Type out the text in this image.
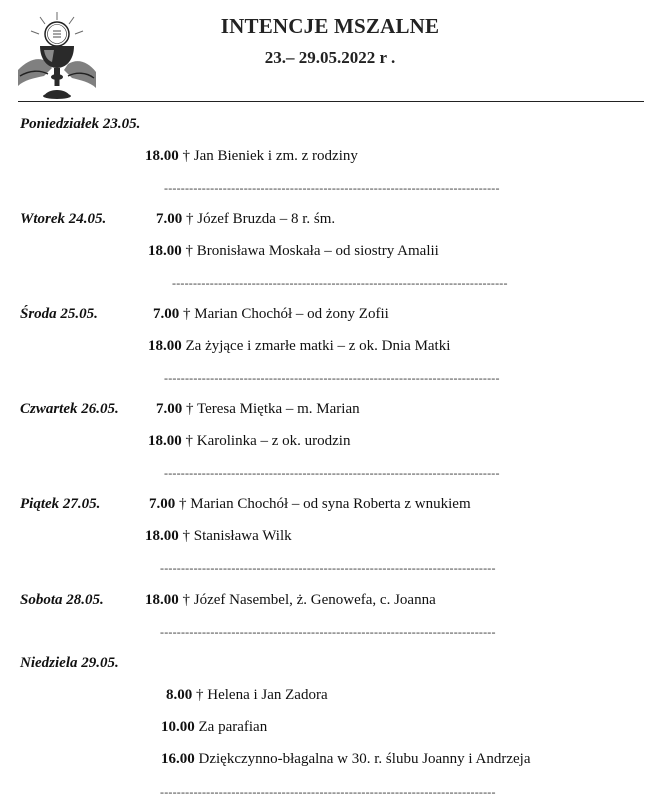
INTENCJE MSZALNE
23.– 29.05.2022 r .
Poniedziałek 23.05.
18.00 † Jan Bieniek i zm. z rodziny
--------------------------------------------------------------------------------
Wtorek 24.05.	7.00 † Józef Bruzda – 8 r. śm.
18.00 † Bronisława Moskała – od siostry Amalii
--------------------------------------------------------------------------------
Środa 25.05.	7.00 † Marian Chochół – od żony Zofii
18.00 Za żyjące i zmarłe matki – z ok. Dnia Matki
--------------------------------------------------------------------------------
Czwartek 26.05. 7.00 † Teresa Miętka – m. Marian
18.00 † Karolinka – z ok. urodzin
--------------------------------------------------------------------------------
Piątek 27.05.	7.00 † Marian Chochół – od syna Roberta z wnukiem
18.00 † Stanisława Wilk
--------------------------------------------------------------------------------
Sobota 28.05.	18.00 † Józef Nasembel, ż. Genowefa, c. Joanna
--------------------------------------------------------------------------------
Niedziela 29.05.
8.00 † Helena i Jan Zadora
10.00 Za parafian
16.00 Dziękczynno-błagalna w 30. r. ślubu Joanny i Andrzeja
--------------------------------------------------------------------------------
